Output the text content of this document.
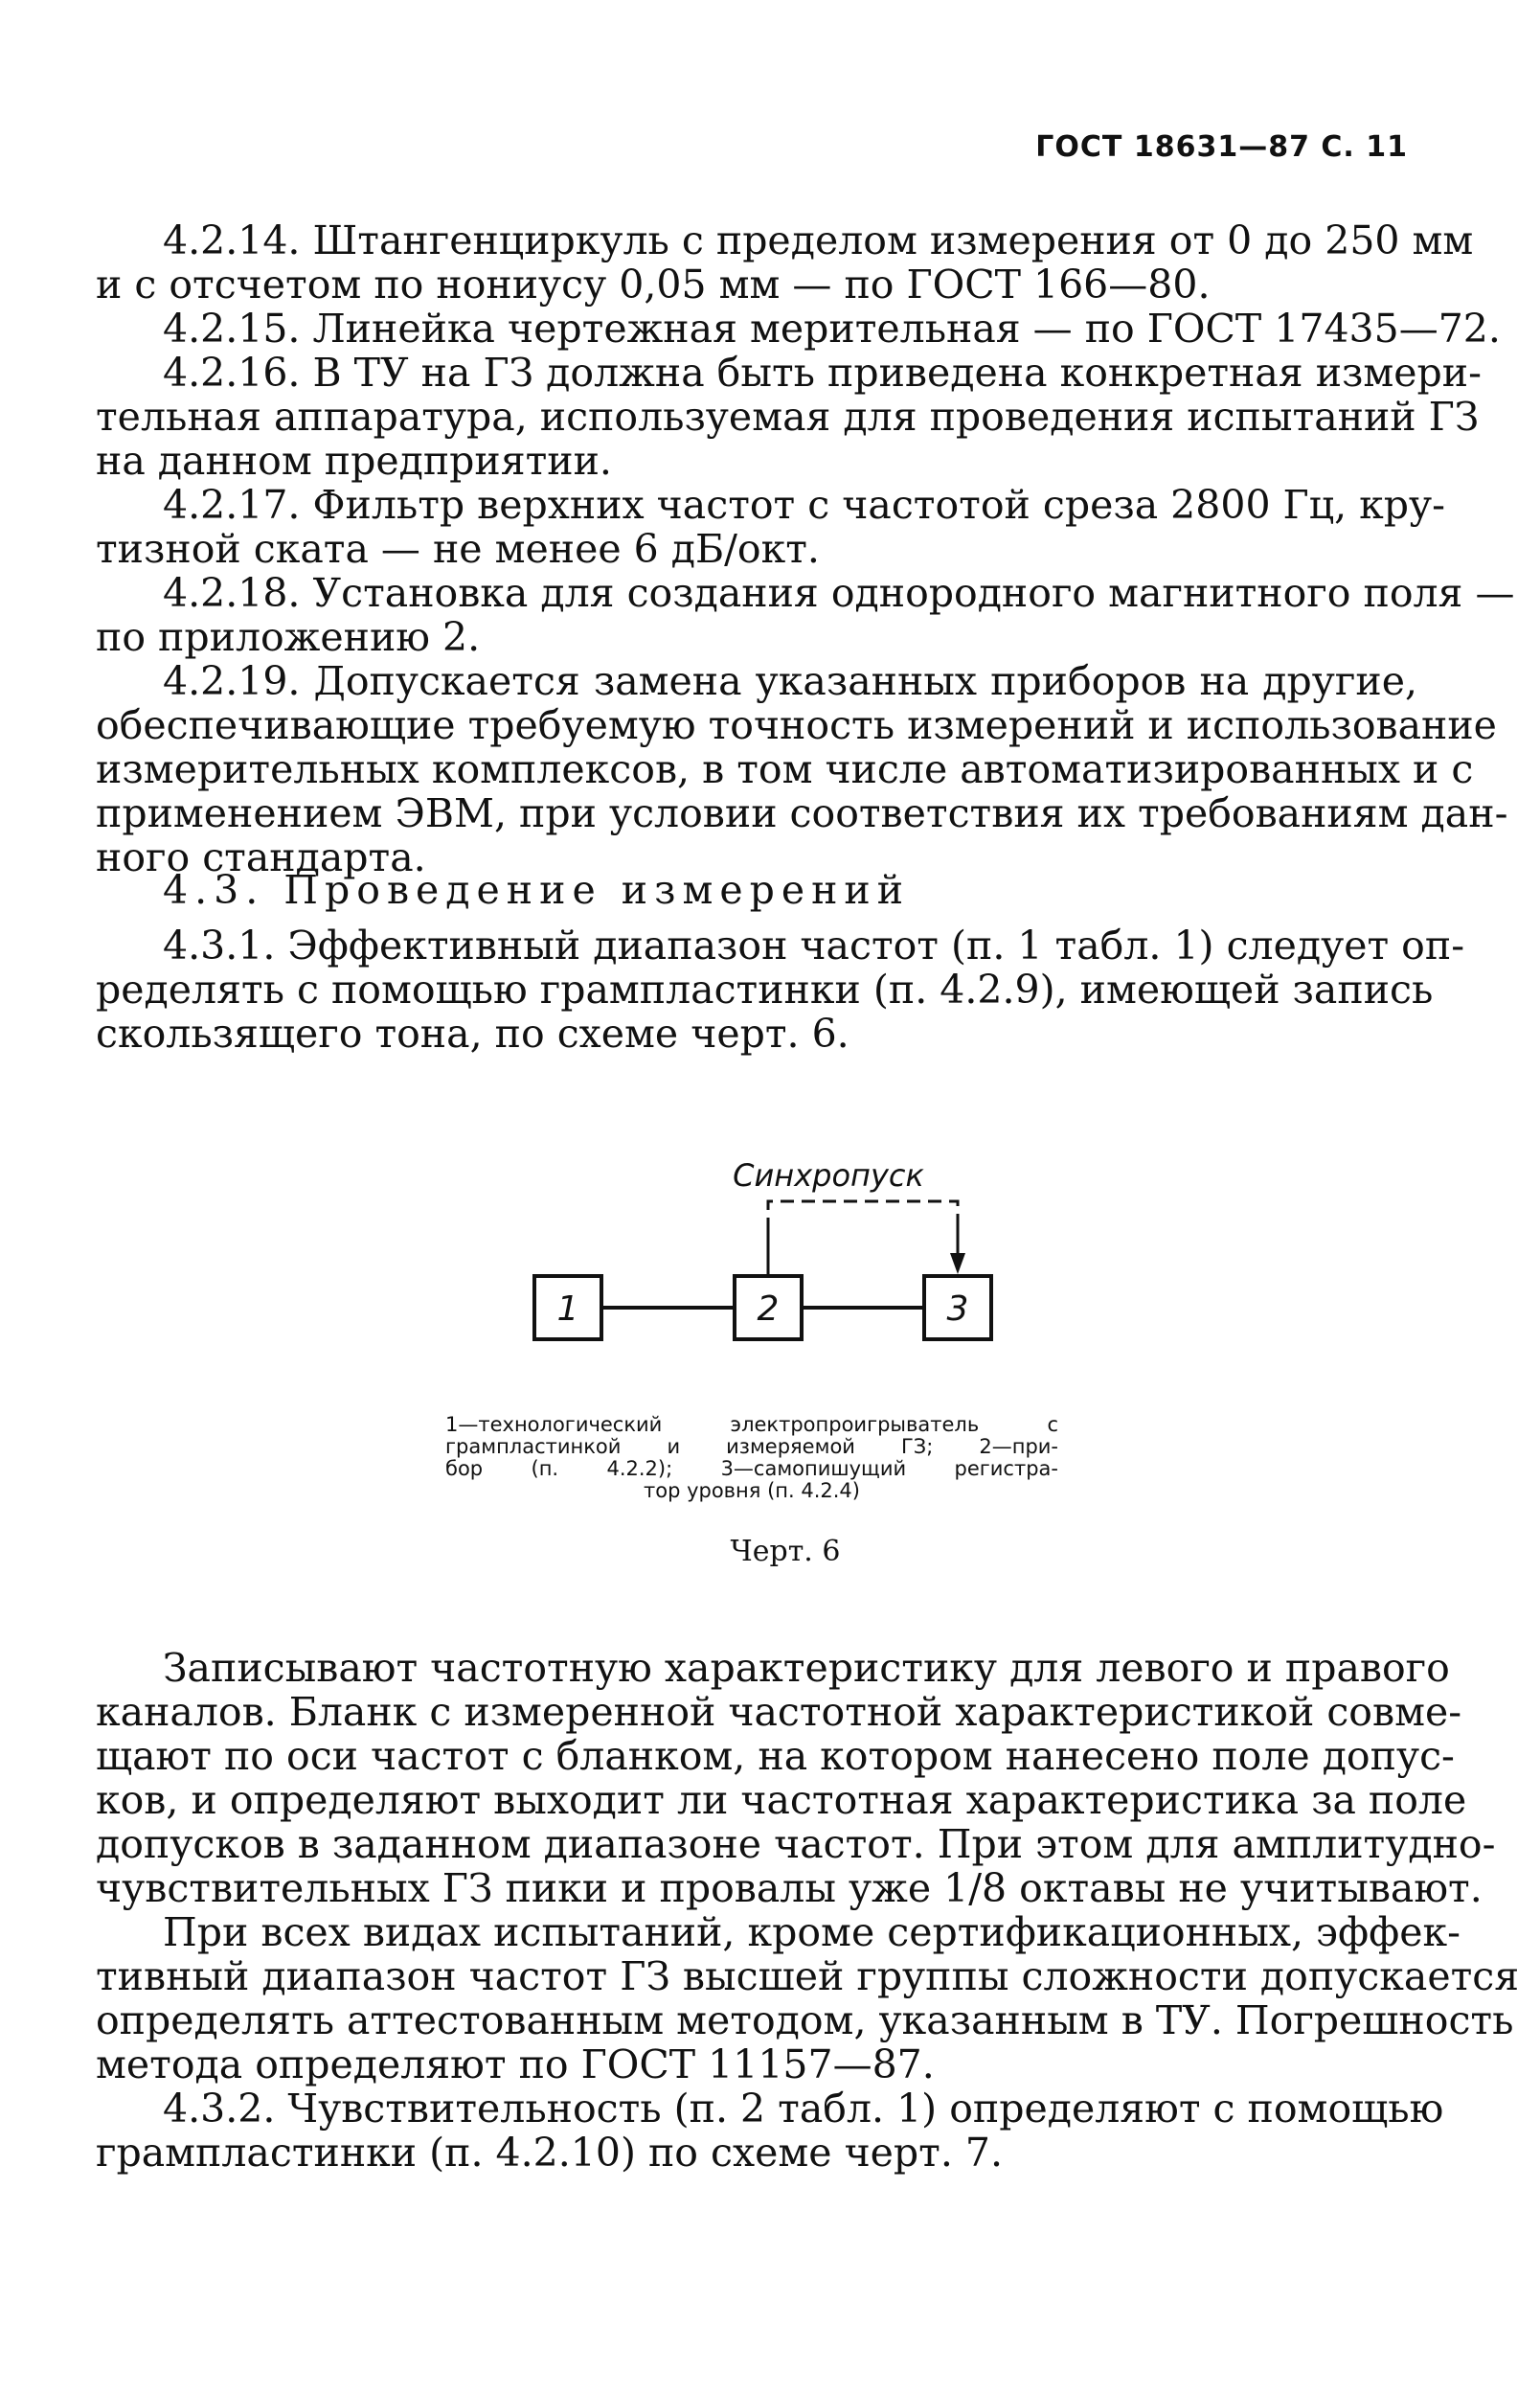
ГОСТ 18631—87 С. 11
4.2.14. Штангенциркуль с пределом измерения от 0 до 250 мм
и с отсчетом по нониусу 0,05 мм — по ГОСТ 166—80.
4.2.15. Линейка чертежная мерительная — по ГОСТ 17435—72.
4.2.16. В ТУ на ГЗ должна быть приведена конкретная измери-
тельная аппаратура, используемая для проведения испытаний ГЗ
на данном предприятии.
4.2.17. Фильтр верхних частот с частотой среза 2800 Гц, кру-
тизной ската — не менее 6 дБ/окт.
4.2.18. Установка для создания однородного магнитного поля —
по приложению 2.
4.2.19. Допускается замена указанных приборов на другие,
обеспечивающие требуемую точность измерений и использование
измерительных комплексов, в том числе автоматизированных и с
применением ЭВМ, при условии соответствия их требованиям дан-
ного стандарта.
4.3. Проведение измерений
4.3.1. Эффективный диапазон частот (п. 1 табл. 1) следует оп-
ределять с помощью грампластинки (п. 4.2.9), имеющей запись
скользящего тона, по схеме черт. 6.
Синхропуск
1	2	3
1—технологический электропроигрыватель с
грампластинкой и измеряемой ГЗ; 2—при-
бор (п. 4.2.2); 3—самопишущий регистра-
тор уровня (п. 4.2.4)
Черт. 6
Записывают частотную характеристику для левого и правого
каналов. Бланк с измеренной частотной характеристикой совме-
щают по оси частот с бланком, на котором нанесено поле допус-
ков, и определяют выходит ли частотная характеристика за поле
допусков в заданном диапазоне частот. При этом для амплитудно-
чувствительных ГЗ пики и провалы уже 1/8 октавы не учитывают.
При всех видах испытаний, кроме сертификационных, эффек-
тивный диапазон частот ГЗ высшей группы сложности допускается
определять аттестованным методом, указанным в ТУ. Погрешность
метода определяют по ГОСТ 11157—87.
4.3.2. Чувствительность (п. 2 табл. 1) определяют с помощью
грампластинки (п. 4.2.10) по схеме черт. 7.
